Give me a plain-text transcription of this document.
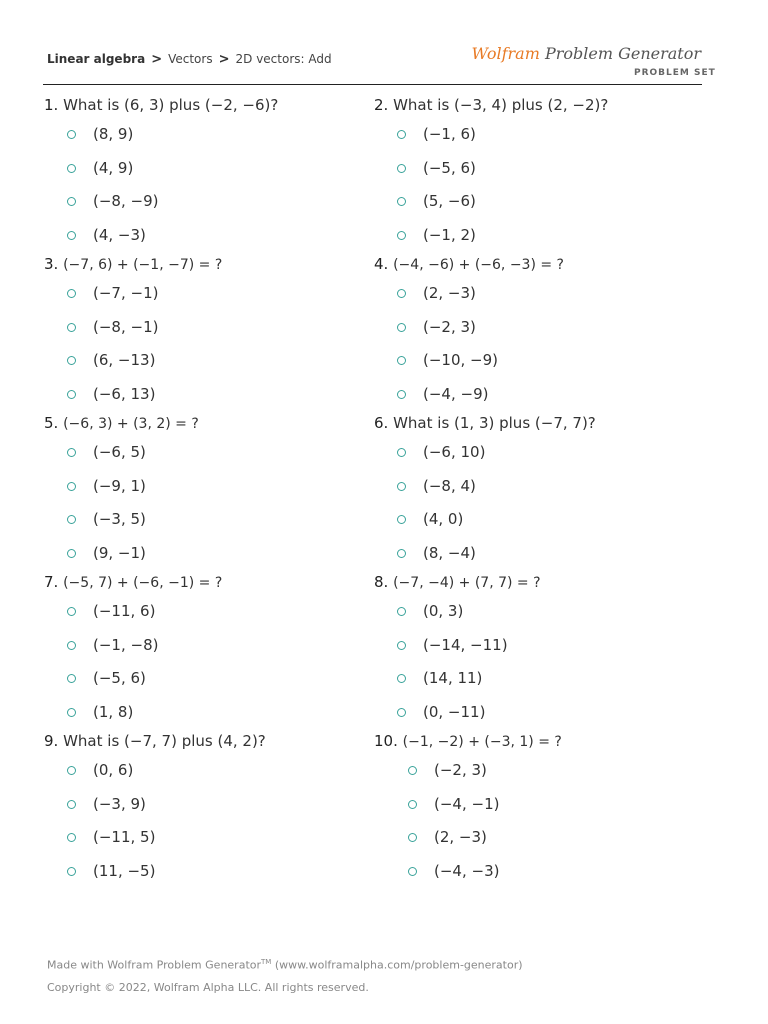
Linear algebra > Vectors > 2D vectors: Add	Wolfram Problem Generator
PROBLEM SET
1. What is (6, 3) plus (−2, −6)?
(8, 9)
(4, 9)
(−8, −9)
(4, −3)
2. What is (−3, 4) plus (2, −2)?
(−1, 6)
(−5, 6)
(5, −6)
(−1, 2)
3. (−7, 6) + (−1, −7) = ?
(−7, −1)
(−8, −1)
(6, −13)
(−6, 13)
4. (−4, −6) + (−6, −3) = ?
(2, −3)
(−2, 3)
(−10, −9)
(−4, −9)
5. (−6, 3) + (3, 2) = ?
(−6, 5)
(−9, 1)
(−3, 5)
(9, −1)
6. What is (1, 3) plus (−7, 7)?
(−6, 10)
(−8, 4)
(4, 0)
(8, −4)
7. (−5, 7) + (−6, −1) = ?
(−11, 6)
(−1, −8)
(−5, 6)
(1, 8)
8. (−7, −4) + (7, 7) = ?
(0, 3)
(−14, −11)
(14, 11)
(0, −11)
9. What is (−7, 7) plus (4, 2)?
(0, 6)
(−3, 9)
(−11, 5)
(11, −5)
10. (−1, −2) + (−3, 1) = ?
(−2, 3)
(−4, −1)
(2, −3)
(−4, −3)
Made with Wolfram Problem Generator™ (www.wolframalpha.com/problem-generator)
Copyright © 2022, Wolfram Alpha LLC. All rights reserved.
